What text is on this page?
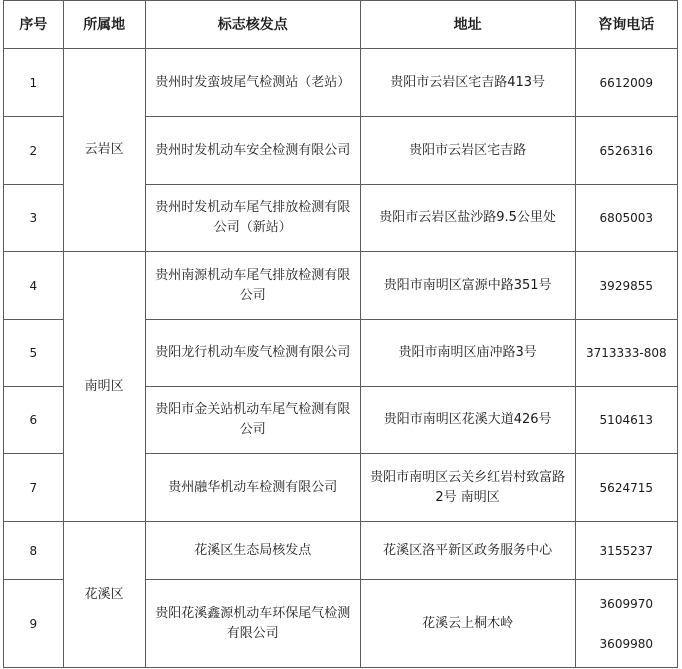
序号	所属地	标志核发点	地址	咨询电话
1	云岩区	贵州时发蛮坡尾气检测站（老站）	贵阳市云岩区宅吉路413号	6612009
2		贵州时发机动车安全检测有限公司	贵阳市云岩区宅吉路	6526316
3		贵州时发机动车尾气排放检测有限公司（新站）	贵阳市云岩区盐沙路9.5公里处	6805003
4	南明区	贵州南源机动车尾气排放检测有限公司	贵阳市南明区富源中路351号	3929855
5		贵阳龙行机动车废气检测有限公司	贵阳市南明区庙冲路3号	3713333-808
6		贵阳市金关站机动车尾气检测有限公司	贵阳市南明区花溪大道426号	5104613
7		贵州融华机动车检测有限公司	贵阳市南明区云关乡红岩村致富路2号 南明区	5624715
8	花溪区	花溪区生态局核发点	花溪区洛平新区政务服务中心	3155237
9		贵阳花溪鑫源机动车环保尾气检测有限公司	花溪云上桐木岭	3609970
3609980
